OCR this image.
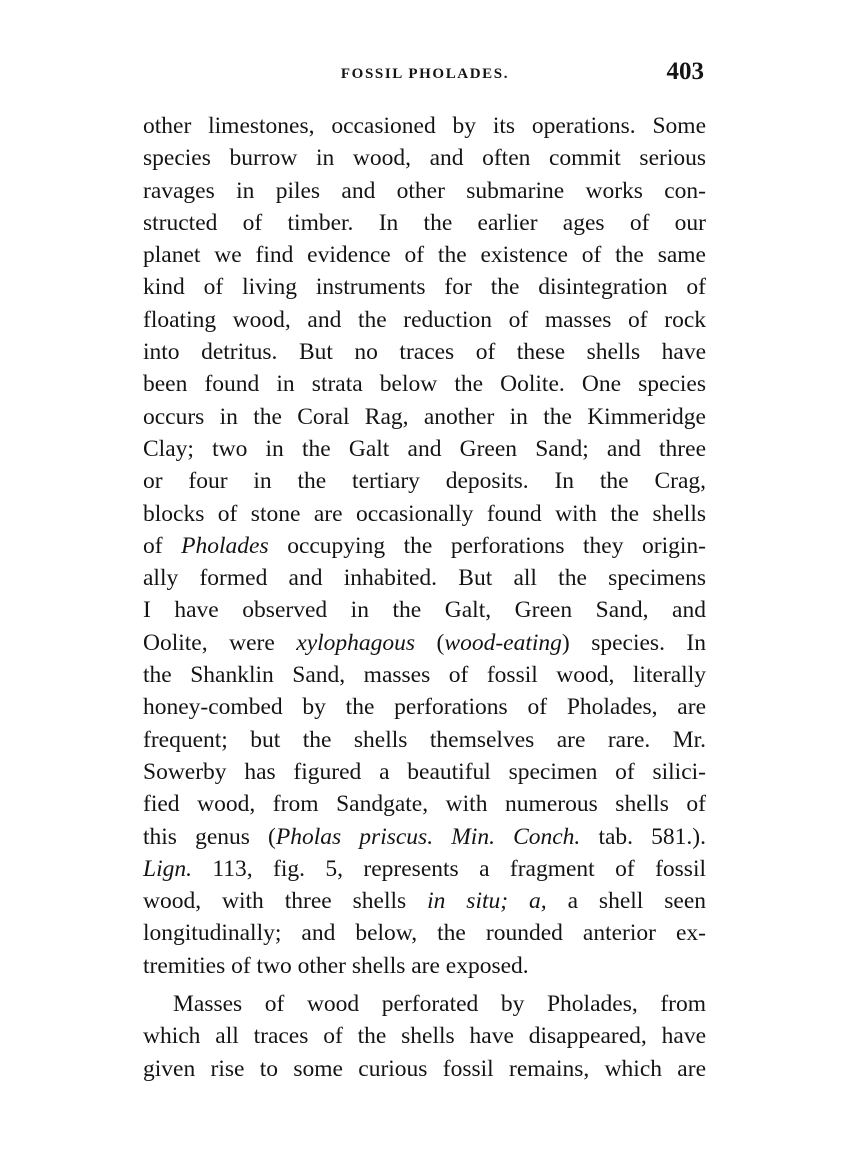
FOSSIL PHOLADES.	403
other limestones, occasioned by its operations. Some
species burrow in wood, and often commit serious
ravages in piles and other submarine works con-
structed of timber. In the earlier ages of our
planet we find evidence of the existence of the same
kind of living instruments for the disintegration of
floating wood, and the reduction of masses of rock
into detritus. But no traces of these shells have
been found in strata below the Oolite. One species
occurs in the Coral Rag, another in the Kimmeridge
Clay; two in the Galt and Green Sand; and three
or four in the tertiary deposits. In the Crag,
blocks of stone are occasionally found with the shells
of Pholades occupying the perforations they origin-
ally formed and inhabited. But all the specimens
I have observed in the Galt, Green Sand, and
Oolite, were xylophagous (wood-eating) species. In
the Shanklin Sand, masses of fossil wood, literally
honey-combed by the perforations of Pholades, are
frequent; but the shells themselves are rare. Mr.
Sowerby has figured a beautiful specimen of silici-
fied wood, from Sandgate, with numerous shells of
this genus (Pholas priscus. Min. Conch. tab. 581.).
Lign. 113, fig. 5, represents a fragment of fossil
wood, with three shells in situ; a, a shell seen
longitudinally; and below, the rounded anterior ex-
tremities of two other shells are exposed.
Masses of wood perforated by Pholades, from
which all traces of the shells have disappeared, have
given rise to some curious fossil remains, which are
